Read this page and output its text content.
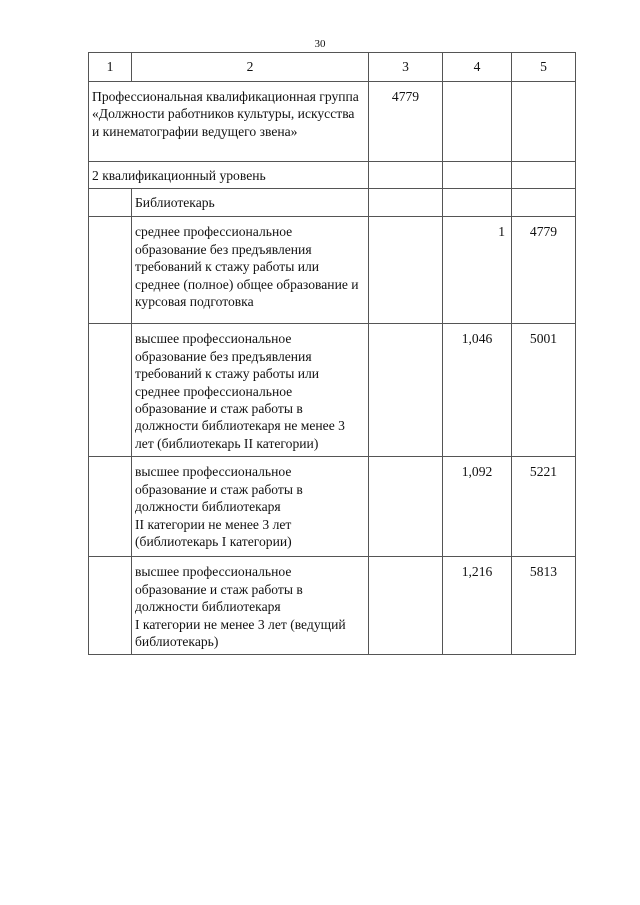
30
1	2	3	4	5
Профессиональная квалификационная группа «Должности работников культуры, искусства и кинематографии ведущего звена»		4779		
2 квалификационный уровень				
	Библиотекарь			
	среднее профессиональное образование без предъявления требований к стажу работы или среднее (полное) общее образование и курсовая подготовка		1	4779
	высшее профессиональное образование без предъявления требований к стажу работы или среднее профессиональное образование и стаж работы в должности библиотекаря не менее 3 лет (библиотекарь II категории)		1,046	5001
	высшее профессиональное образование и стаж работы в должности библиотекаря
II категории не менее 3 лет (библиотекарь I категории)		1,092	5221
	высшее профессиональное образование и стаж работы в должности библиотекаря
I категории не менее 3 лет (ведущий библиотекарь)		1,216	5813
